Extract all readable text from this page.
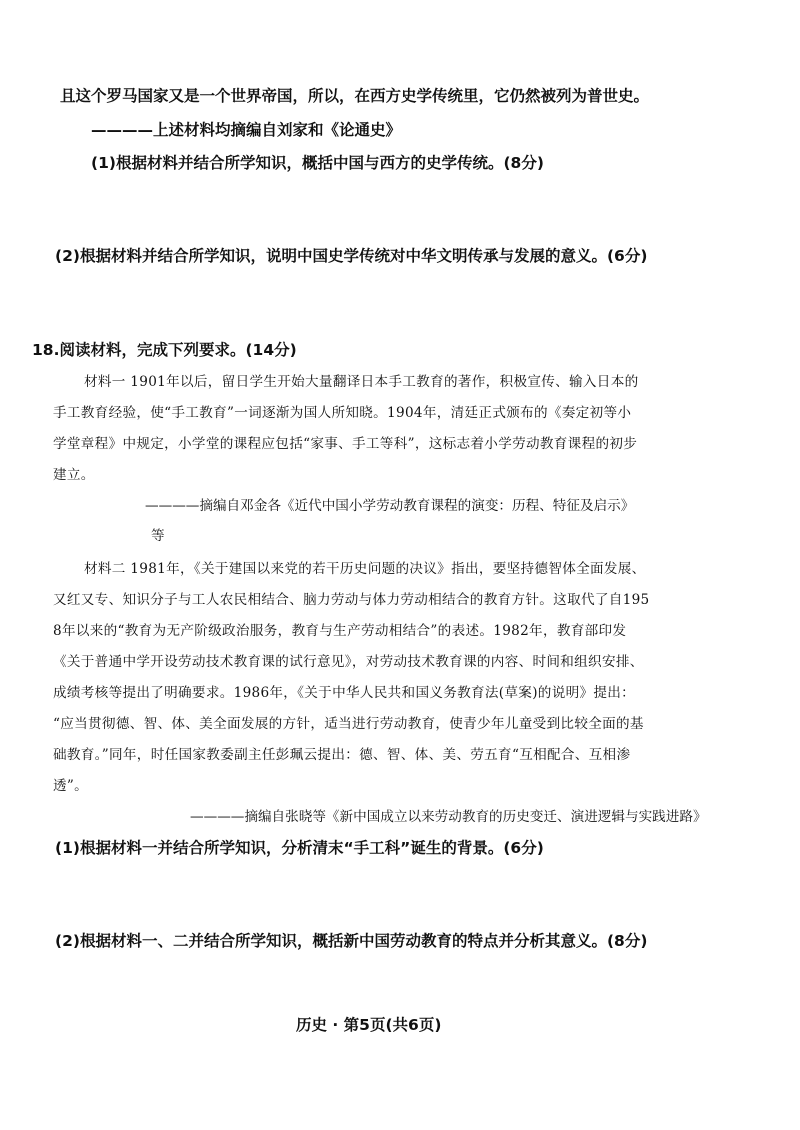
且这个罗马国家又是一个世界帝国，所以，在西方史学传统里，它仍然被列为普世史。
————上述材料均摘编自刘家和《论通史》
(1)根据材料并结合所学知识，概括中国与西方的史学传统。(8分)
(2)根据材料并结合所学知识，说明中国史学传统对中华文明传承与发展的意义。(6分)
18.阅读材料，完成下列要求。(14分)
材料一 1901年以后，留日学生开始大量翻译日本手工教育的著作，积极宣传、输入日本的
手工教育经验，使“手工教育”一词逐渐为国人所知晓。1904年，清廷正式颁布的《奏定初等小
学堂章程》中规定，小学堂的课程应包括“家事、手工等科”，这标志着小学劳动教育课程的初步
建立。
————摘编自邓金各《近代中国小学劳动教育课程的演变：历程、特征及启示》
等
材料二 1981年，《关于建国以来党的若干历史问题的决议》指出，要坚持德智体全面发展、
又红又专、知识分子与工人农民相结合、脑力劳动与体力劳动相结合的教育方针。这取代了自195
8年以来的“教育为无产阶级政治服务，教育与生产劳动相结合”的表述。1982年，教育部印发
《关于普通中学开设劳动技术教育课的试行意见》，对劳动技术教育课的内容、时间和组织安排、
成绩考核等提出了明确要求。1986年，《关于中华人民共和国义务教育法(草案)的说明》提出：
“应当贯彻德、智、体、美全面发展的方针，适当进行劳动教育，使青少年儿童受到比较全面的基
础教育。”同年，时任国家教委副主任彭珮云提出：德、智、体、美、劳五育“互相配合、互相渗
透”。
————摘编自张晓等《新中国成立以来劳动教育的历史变迁、演进逻辑与实践进路》
(1)根据材料一并结合所学知识，分析清末“手工科”诞生的背景。(6分)
(2)根据材料一、二并结合所学知识，概括新中国劳动教育的特点并分析其意义。(8分)
历史 · 第5页(共6页)
